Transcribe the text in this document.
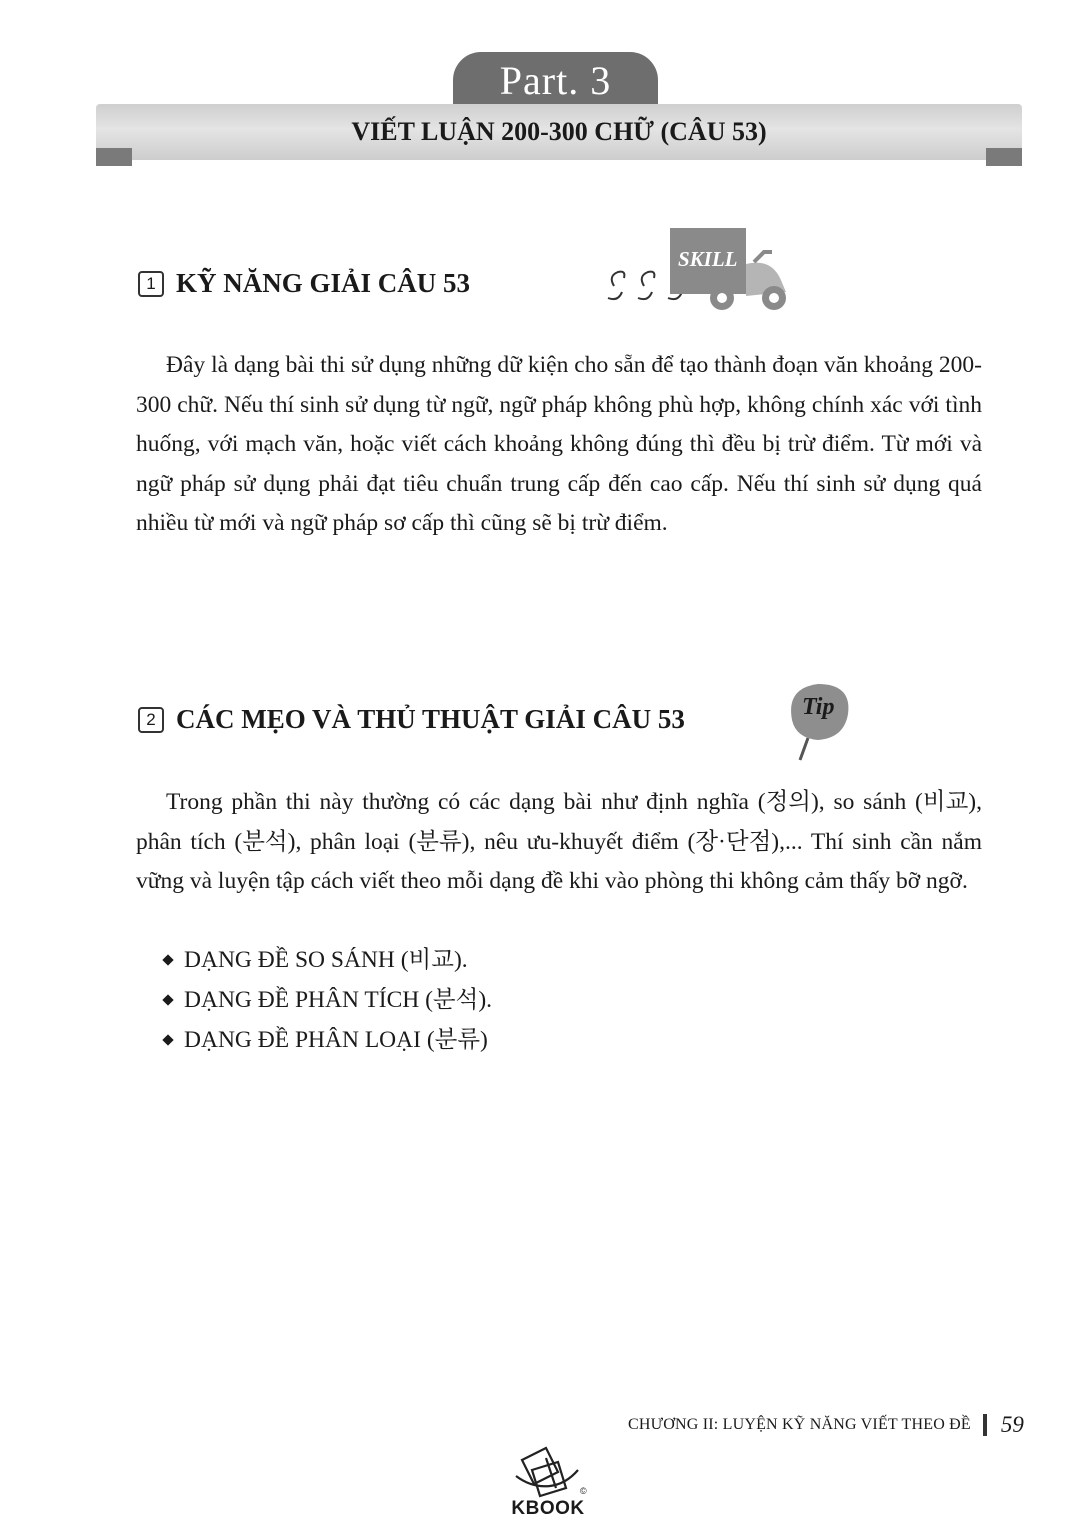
Part. 3
VIẾT LUẬN 200-300 CHỮ (CÂU 53)
1 KỸ NĂNG GIẢI CÂU 53
SKILL

Đây là dạng bài thi sử dụng những dữ kiện cho sẵn để tạo thành đoạn văn khoảng 200-300 chữ. Nếu thí sinh sử dụng từ ngữ, ngữ pháp không phù hợp, không chính xác với tình huống, với mạch văn, hoặc viết cách khoảng không đúng thì đều bị trừ điểm. Từ mới và ngữ pháp sử dụng phải đạt tiêu chuẩn trung cấp đến cao cấp. Nếu thí sinh sử dụng quá nhiều từ mới và ngữ pháp sơ cấp thì cũng sẽ bị trừ điểm.

2 CÁC MẸO VÀ THỦ THUẬT GIẢI CÂU 53	Tip

Trong phần thi này thường có các dạng bài như định nghĩa (정의), so sánh (비교), phân tích (분석), phân loại (분류), nêu ưu-khuyết điểm (장·단점),... Thí sinh cần nắm vững và luyện tập cách viết theo mỗi dạng đề khi vào phòng thi không cảm thấy bỡ ngỡ.

DẠNG ĐỀ SO SÁNH (비교).
DẠNG ĐỀ PHÂN TÍCH (분석).
DẠNG ĐỀ PHÂN LOẠI (분류)
CHƯƠNG II: LUYỆN KỸ NĂNG VIẾT THEO ĐỀ 59
©
KBOOK
